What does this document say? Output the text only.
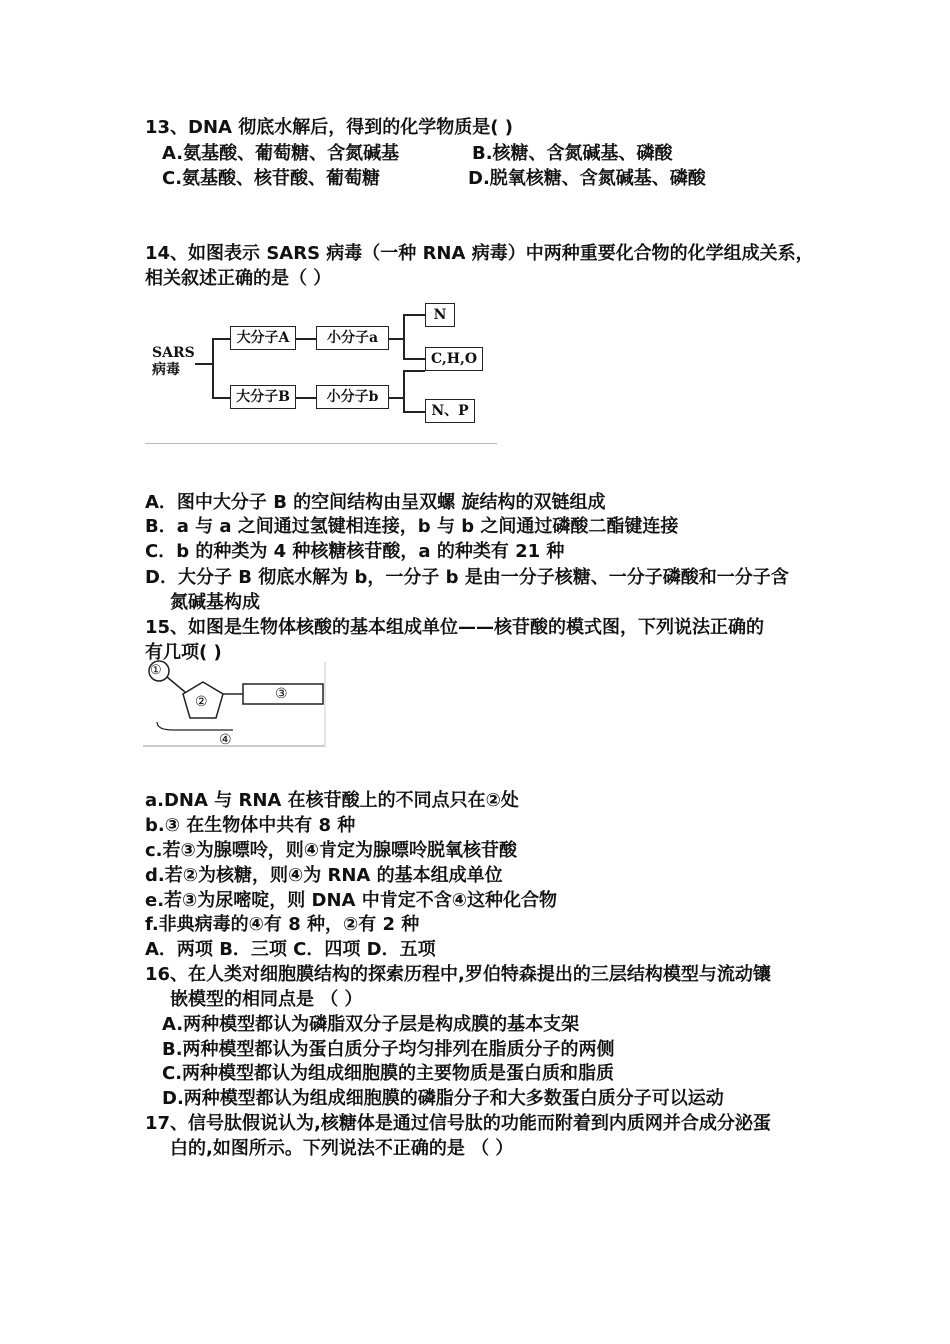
13、DNA 彻底水解后，得到的化学物质是( )
A.氨基酸、葡萄糖、含氮碱基	B.核糖、含氮碱基、磷酸
C.氨基酸、核苷酸、葡萄糖	D.脱氧核糖、含氮碱基、磷酸
14、如图表示 SARS 病毒（一种 RNA 病毒）中两种重要化合物的化学组成关系，
相关叙述正确的是（ ）
SARS
病毒
大分子A
大分子B
小分子a
小分子b
N
C,H,O
N、P
A．图中大分子 B 的空间结构由呈双螺 旋结构的双链组成
B．a 与 a 之间通过氢键相连接，b 与 b 之间通过磷酸二酯键连接
C．b 的种类为 4 种核糖核苷酸，a 的种类有 21 种
D．大分子 B 彻底水解为 b，一分子 b 是由一分子核糖、一分子磷酸和一分子含
氮碱基构成
15、如图是生物体核酸的基本组成单位——核苷酸的模式图，下列说法正确的
有几项( )
①
②	③
④
a.DNA 与 RNA 在核苷酸上的不同点只在②处
b.③ 在生物体中共有 8 种
c.若③为腺嘌呤，则④肯定为腺嘌呤脱氧核苷酸
d.若②为核糖，则④为 RNA 的基本组成单位
e.若③为尿嘧啶，则 DNA 中肯定不含④这种化合物
f.非典病毒的④有 8 种，②有 2 种
A．两项 B．三项 C．四项 D．五项
16、在人类对细胞膜结构的探索历程中,罗伯特森提出的三层结构模型与流动镶
嵌模型的相同点是 （ ）
A.两种模型都认为磷脂双分子层是构成膜的基本支架
B.两种模型都认为蛋白质分子均匀排列在脂质分子的两侧
C.两种模型都认为组成细胞膜的主要物质是蛋白质和脂质
D.两种模型都认为组成细胞膜的磷脂分子和大多数蛋白质分子可以运动
17、信号肽假说认为,核糖体是通过信号肽的功能而附着到内质网并合成分泌蛋
白的,如图所示。下列说法不正确的是 （ ）
